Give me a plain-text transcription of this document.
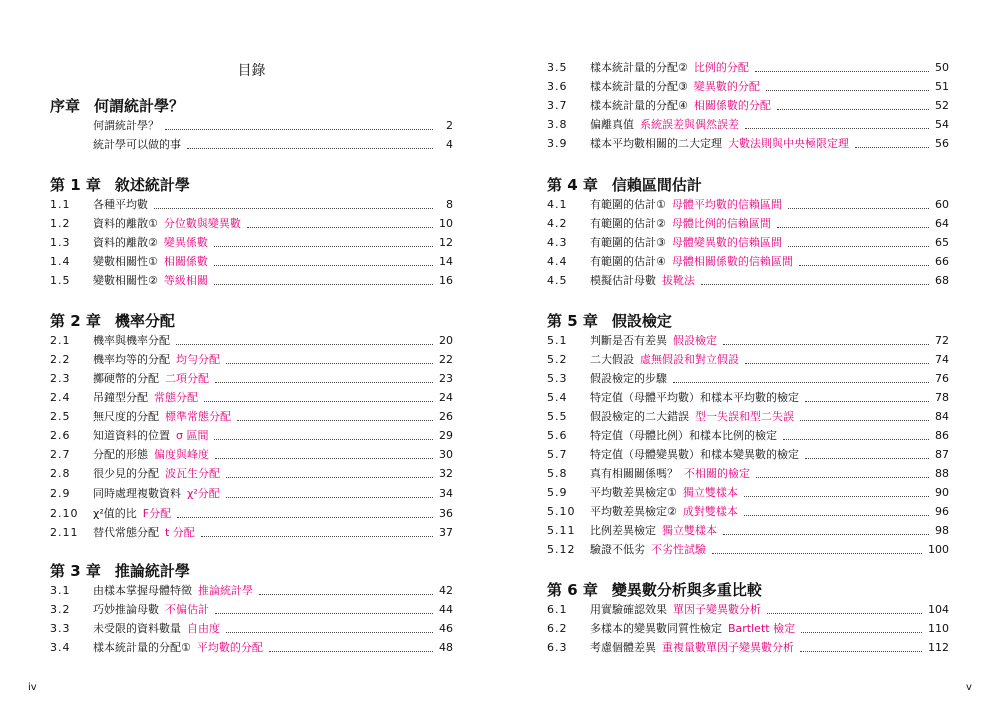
目錄
序章 何謂統計學？
何謂統計學？	2
統計學可以做的事	4
第 1 章 敘述統計學
1.1	各種平均數	8
1.2	資料的離散① 分位數與變異數	10
1.3	資料的離散② 變異係數	12
1.4	變數相關性① 相關係數	14
1.5	變數相關性② 等級相關	16
第 2 章 機率分配
2.1	機率與機率分配	20
2.2	機率均等的分配 均勻分配	22
2.3	擲硬幣的分配 二項分配	23
2.4	吊鐘型分配 常態分配	24
2.5	無尺度的分配 標準常態分配	26
2.6	知道資料的位置 σ 區間	29
2.7	分配的形態 偏度與峰度	30
2.8	很少見的分配 波瓦生分配	32
2.9	同時處理複數資料 χ²分配	34
2.10	χ²值的比 F分配	36
2.11	替代常態分配 t 分配	37
第 3 章 推論統計學
3.1	由樣本掌握母體特徵 推論統計學	42
3.2	巧妙推論母數 不偏估計	44
3.3	未受限的資料數量 自由度	46
3.4	樣本統計量的分配① 平均數的分配	48
iv
3.5	樣本統計量的分配② 比例的分配	50
3.6	樣本統計量的分配③ 變異數的分配	51
3.7	樣本統計量的分配④ 相關係數的分配	52
3.8	偏離真值 系統誤差與偶然誤差	54
3.9	樣本平均數相關的二大定理 大數法則與中央極限定理	56
第 4 章 信賴區間估計
4.1	有範圍的估計① 母體平均數的信賴區間	60
4.2	有範圍的估計② 母體比例的信賴區間	64
4.3	有範圍的估計③ 母體變異數的信賴區間	65
4.4	有範圍的估計④ 母體相關係數的信賴區間	66
4.5	模擬估計母數 拔靴法	68
第 5 章 假設檢定
5.1	判斷是否有差異 假設檢定	72
5.2	二大假設 虛無假設和對立假設	74
5.3	假設檢定的步驟	76
5.4	特定值（母體平均數）和樣本平均數的檢定	78
5.5	假設檢定的二大錯誤 型一失誤和型二失誤	84
5.6	特定值（母體比例）和樣本比例的檢定	86
5.7	特定值（母體變異數）和樣本變異數的檢定	87
5.8	真有相關關係嗎？ 不相關的檢定	88
5.9	平均數差異檢定① 獨立雙樣本	90
5.10	平均數差異檢定② 成對雙樣本	96
5.11	比例差異檢定 獨立雙樣本	98
5.12	驗證不低劣 不劣性試驗	100
第 6 章 變異數分析與多重比較
6.1	用實驗確認效果 單因子變異數分析	104
6.2	多樣本的變異數同質性檢定 Bartlett 檢定	110
6.3	考慮個體差異 重複量數單因子變異數分析	112
v
